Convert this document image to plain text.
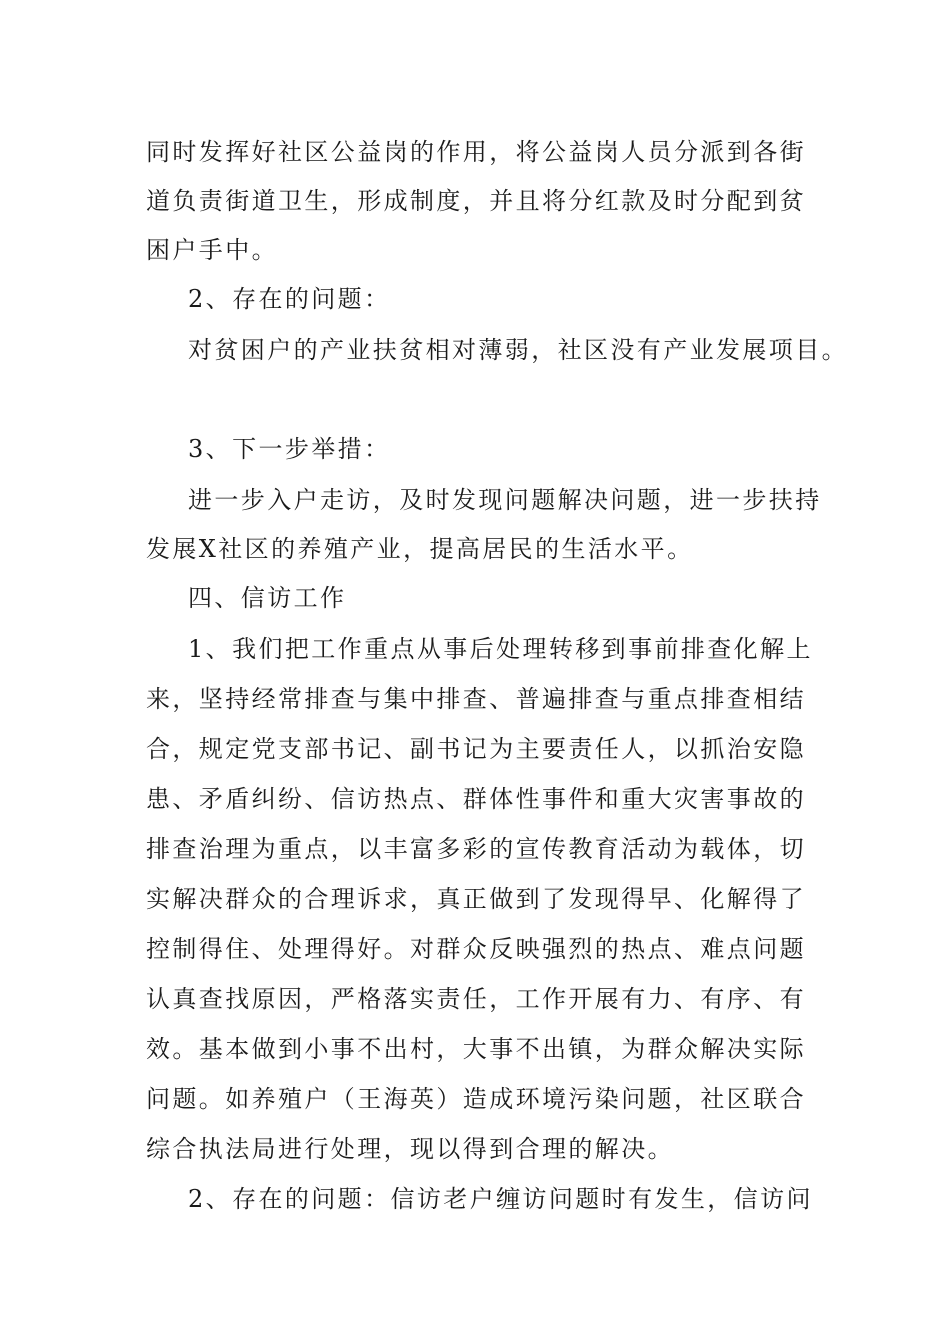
同时发挥好社区公益岗的作用，将公益岗人员分派到各街
道负责街道卫生，形成制度，并且将分红款及时分配到贫
困户手中。
2、存在的问题：
对贫困户的产业扶贫相对薄弱，社区没有产业发展项目。
3、下一步举措：
进一步入户走访，及时发现问题解决问题，进一步扶持
发展X社区的养殖产业，提高居民的生活水平。
四、信访工作
1、我们把工作重点从事后处理转移到事前排查化解上
来，坚持经常排查与集中排查、普遍排查与重点排查相结
合，规定党支部书记、副书记为主要责任人，以抓治安隐
患、矛盾纠纷、信访热点、群体性事件和重大灾害事故的
排查治理为重点，以丰富多彩的宣传教育活动为载体，切
实解决群众的合理诉求，真正做到了发现得早、化解得了
控制得住、处理得好。对群众反映强烈的热点、难点问题
认真查找原因，严格落实责任，工作开展有力、有序、有
效。基本做到小事不出村，大事不出镇，为群众解决实际
问题。如养殖户（王海英）造成环境污染问题，社区联合
综合执法局进行处理，现以得到合理的解决。
2、存在的问题：信访老户缠访问题时有发生，信访问
